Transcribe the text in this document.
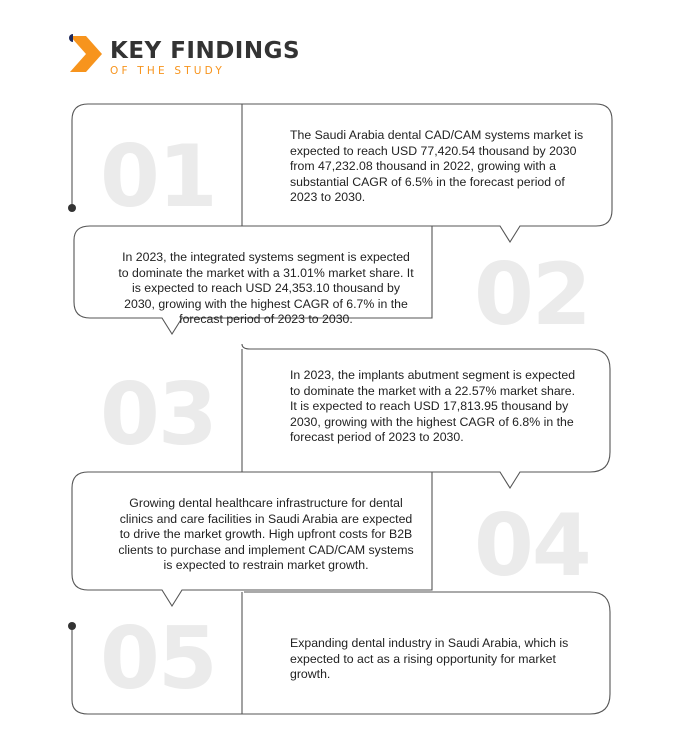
KEY FINDINGS
OF THE STUDY
01
02
03
04
05
The Saudi Arabia dental CAD/CAM systems market is expected to reach USD 77,420.54 thousand by 2030 from 47,232.08 thousand in 2022, growing with a substantial CAGR of 6.5% in the forecast period of 2023 to 2030.
In 2023, the integrated systems segment is expected to dominate the market with a 31.01% market share. It is expected to reach USD 24,353.10 thousand by 2030, growing with the highest CAGR of 6.7% in the forecast period of 2023 to 2030.
In 2023, the implants abutment segment is expected to dominate the market with a 22.57% market share. It is expected to reach USD 17,813.95 thousand by 2030, growing with the highest CAGR of 6.8% in the forecast period of 2023 to 2030.
Growing dental healthcare infrastructure for dental clinics and care facilities in Saudi Arabia are expected to drive the market growth. High upfront costs for B2B clients to purchase and implement CAD/CAM systems is expected to restrain market growth.
Expanding dental industry in Saudi Arabia, which is expected to act as a rising opportunity for market growth.
